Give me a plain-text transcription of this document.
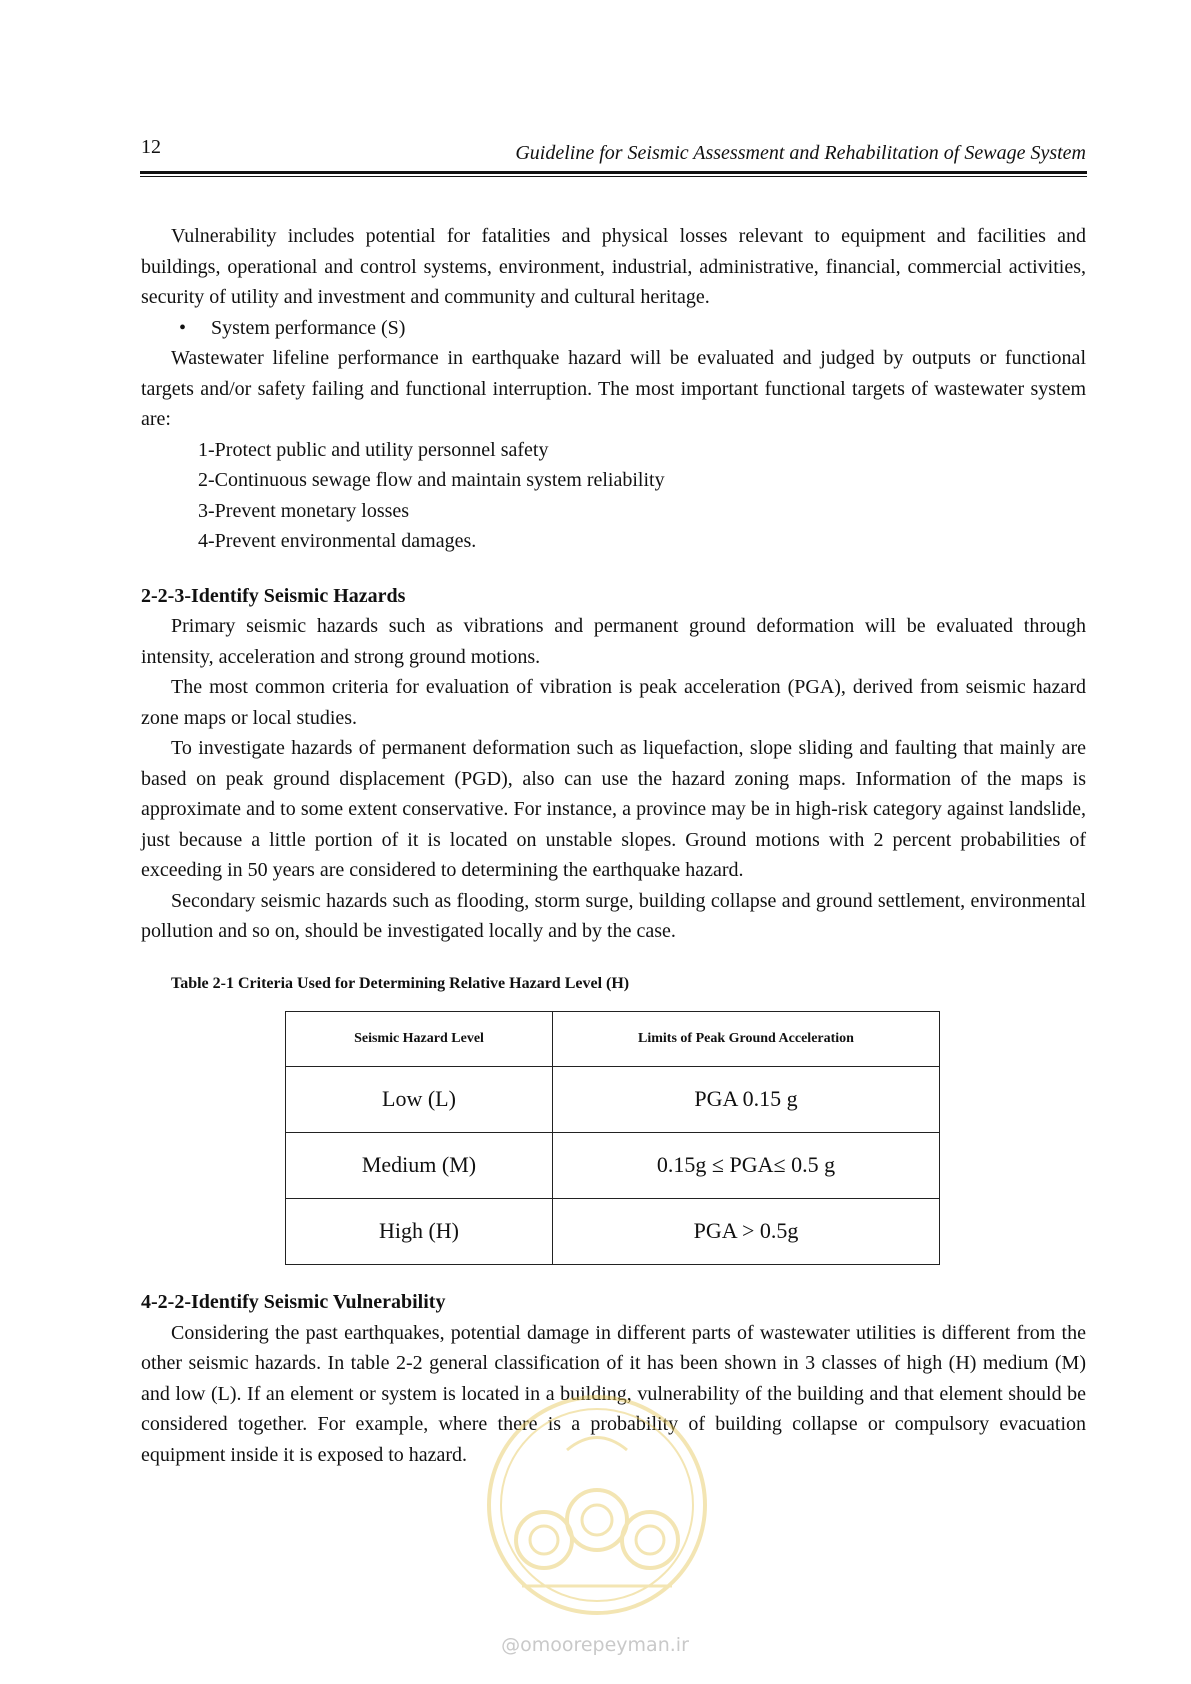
12	Guideline for Seismic Assessment and Rehabilitation of Sewage System

Vulnerability includes potential for fatalities and physical losses relevant to equipment and facilities and buildings, operational and control systems, environment, industrial, administrative, financial, commercial activities, security of utility and investment and community and cultural heritage.

• System performance (S)

Wastewater lifeline performance in earthquake hazard will be evaluated and judged by outputs or functional targets and/or safety failing and functional interruption. The most important functional targets of wastewater system are:

1-Protect public and utility personnel safety
2-Continuous sewage flow and maintain system reliability
3-Prevent monetary losses
4-Prevent environmental damages.
2-2-3-Identify Seismic Hazards

Primary seismic hazards such as vibrations and permanent ground deformation will be evaluated through intensity, acceleration and strong ground motions.

The most common criteria for evaluation of vibration is peak acceleration (PGA), derived from seismic hazard zone maps or local studies.

To investigate hazards of permanent deformation such as liquefaction, slope sliding and faulting that mainly are based on peak ground displacement (PGD), also can use the hazard zoning maps. Information of the maps is approximate and to some extent conservative. For instance, a province may be in high-risk category against landslide, just because a little portion of it is located on unstable slopes. Ground motions with 2 percent probabilities of exceeding in 50 years are considered to determining the earthquake hazard.

Secondary seismic hazards such as flooding, storm surge, building collapse and ground settlement, environmental pollution and so on, should be investigated locally and by the case.

Table 2-1 Criteria Used for Determining Relative Hazard Level (H)

Seismic Hazard Level	Limits of Peak Ground Acceleration
Low (L)	PGA 0.15 g
Medium (M)	0.15g ≤ PGA≤ 0.5 g
High (H)	PGA > 0.5g
4-2-2-Identify Seismic Vulnerability

Considering the past earthquakes, potential damage in different parts of wastewater utilities is different from the other seismic hazards. In table 2-2 general classification of it has been shown in 3 classes of high (H) medium (M) and low (L). If an element or system is located in a building, vulnerability of the building and that element should be considered together. For example, where there is a probability of building collapse or compulsory evacuation equipment inside it is exposed to hazard.

@omoorepeyman.ir
